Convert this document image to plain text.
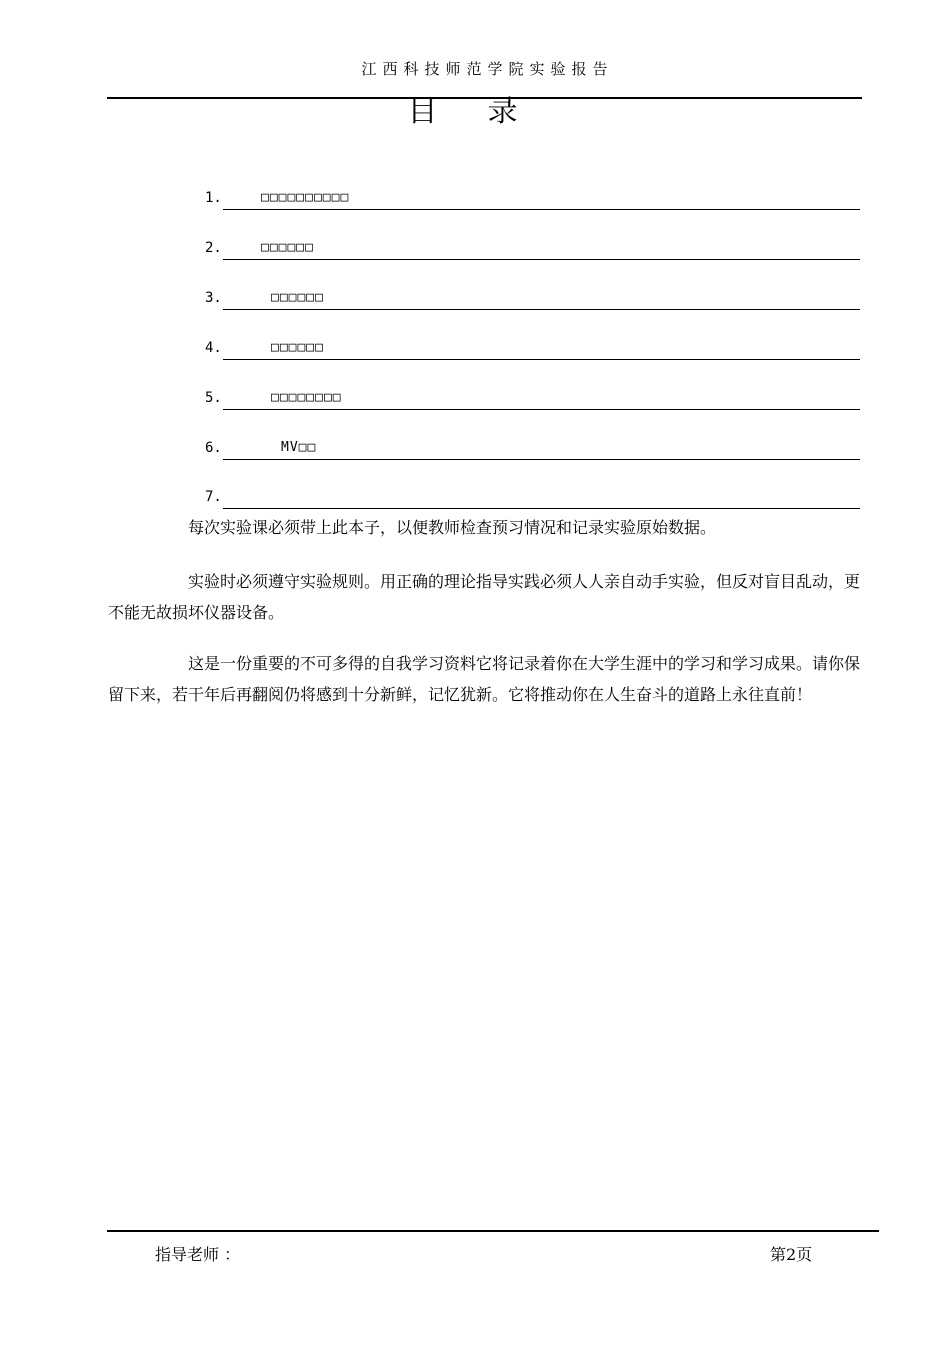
江西科技师范学院实验报告
目录
1.	□□□□□□□□□□
2.	□□□□□□
3.	□□□□□□
4.	□□□□□□
5.	□□□□□□□□
6.	MV□□
7.

每次实验课必须带上此本子，以便教师检查预习情况和记录实验原始数据。

实验时必须遵守实验规则。用正确的理论指导实践必须人人亲自动手实验，但反对盲目乱动，更不能无故损坏仪器设备。

这是一份重要的不可多得的自我学习资料它将记录着你在大学生涯中的学习和学习成果。请你保留下来，若干年后再翻阅仍将感到十分新鲜，记忆犹新。它将推动你在人生奋斗的道路上永往直前！

指导老师 ：	第2页
